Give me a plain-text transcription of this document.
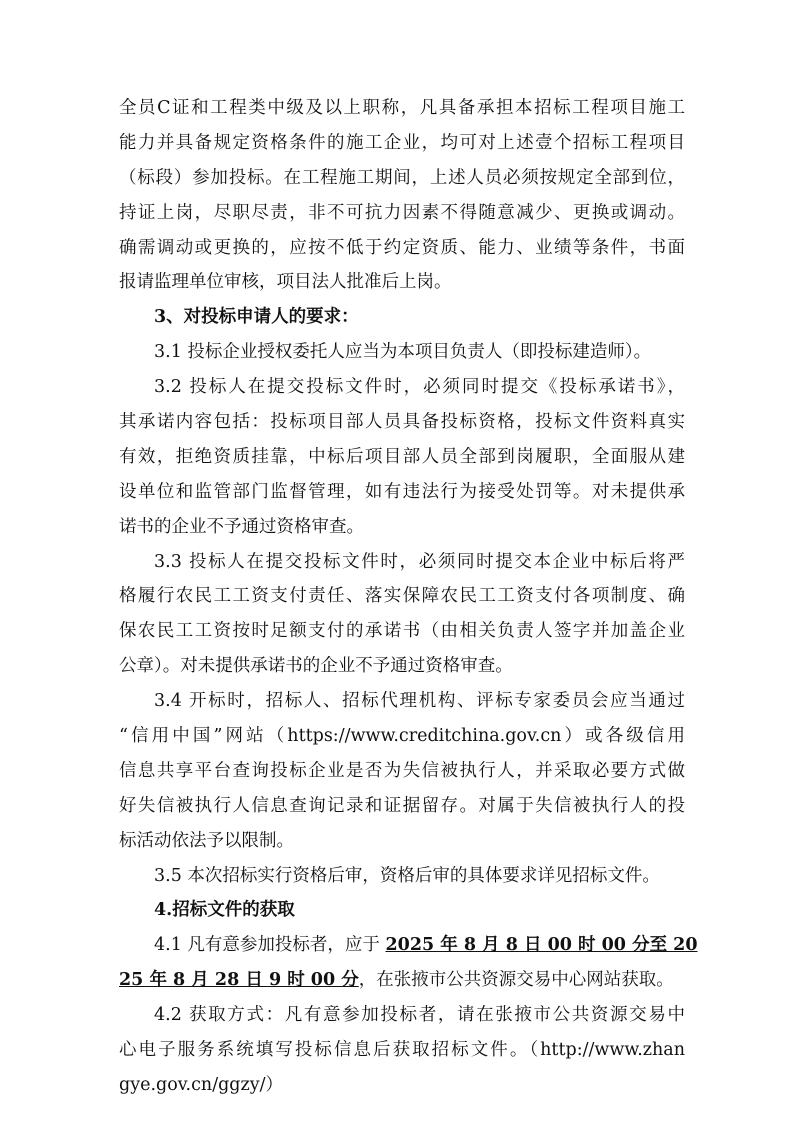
全员C证和工程类中级及以上职称，凡具备承担本招标工程项目施工
能力并具备规定资格条件的施工企业，均可对上述壹个招标工程项目
（标段）参加投标。在工程施工期间，上述人员必须按规定全部到位，
持证上岗，尽职尽责，非不可抗力因素不得随意减少、更换或调动。
确需调动或更换的，应按不低于约定资质、能力、业绩等条件，书面
报请监理单位审核，项目法人批准后上岗。
3、对投标申请人的要求：
3.1 投标企业授权委托人应当为本项目负责人（即投标建造师）。
3.2 投标人在提交投标文件时，必须同时提交《投标承诺书》，
其承诺内容包括：投标项目部人员具备投标资格，投标文件资料真实
有效，拒绝资质挂靠，中标后项目部人员全部到岗履职，全面服从建
设单位和监管部门监督管理，如有违法行为接受处罚等。对未提供承
诺书的企业不予通过资格审查。
3.3 投标人在提交投标文件时，必须同时提交本企业中标后将严
格履行农民工工资支付责任、落实保障农民工工资支付各项制度、确
保农民工工资按时足额支付的承诺书（由相关负责人签字并加盖企业
公章）。对未提供承诺书的企业不予通过资格审查。
3.4 开标时，招标人、招标代理机构、评标专家委员会应当通过
“信用中国”网站（https://www.creditchina.gov.cn）或各级信用
信息共享平台查询投标企业是否为失信被执行人，并采取必要方式做
好失信被执行人信息查询记录和证据留存。对属于失信被执行人的投
标活动依法予以限制。
3.5 本次招标实行资格后审，资格后审的具体要求详见招标文件。
4.招标文件的获取
4.1 凡有意参加投标者，应于 2025 年 8 月 8 日 00 时 00 分至 20
25 年 8 月 28 日 9 时 00 分，在张掖市公共资源交易中心网站获取。
4.2 获取方式：凡有意参加投标者，请在张掖市公共资源交易中
心电子服务系统填写投标信息后获取招标文件。（http://www.zhan
gye.gov.cn/ggzy/）
